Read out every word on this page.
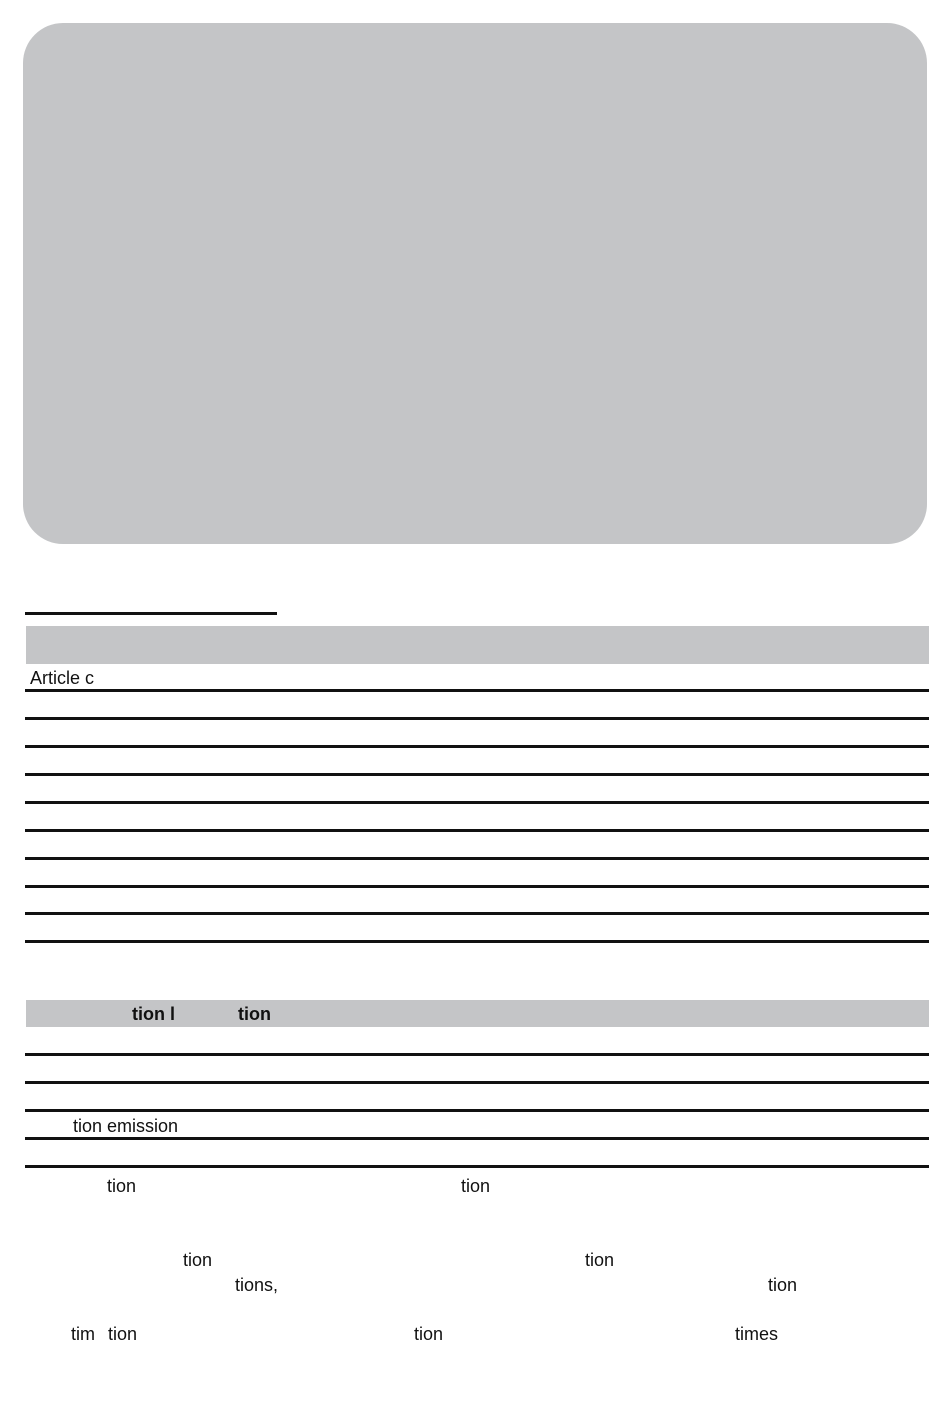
Article c
tion l	tion
tion emission
tion	tion
tion	tion
tions,	tion
tim tion	tion	times
